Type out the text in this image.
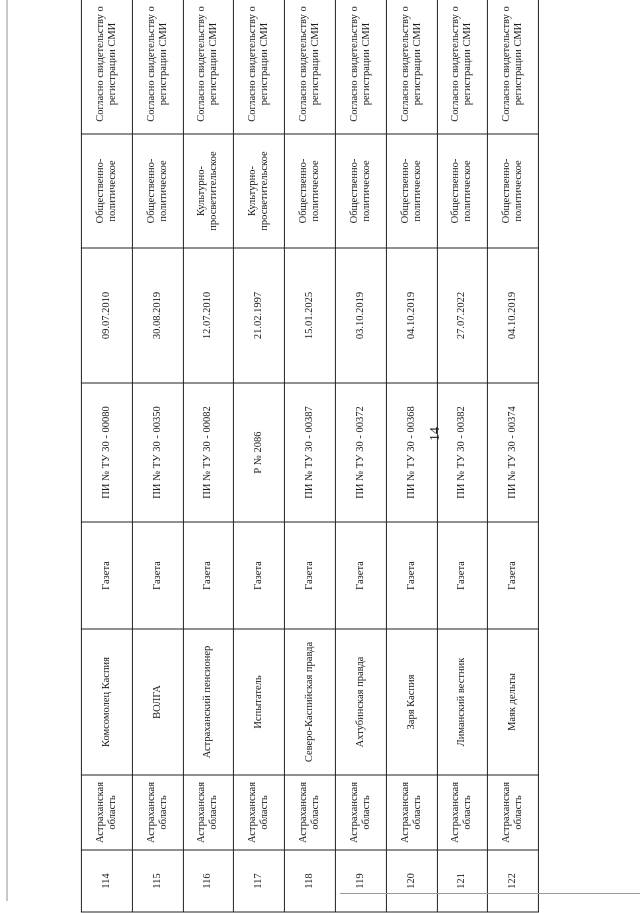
14
114	Астраханская область	Комсомолец Каспия	Газета	ПИ № ТУ 30 - 00080	09.07.2010	Общественно-политическое	Согласно свидетельству о регистрации СМИ
115	Астраханская область	ВОЛГА	Газета	ПИ № ТУ 30 - 00350	30.08.2019	Общественно-политическое	Согласно свидетельству о регистрации СМИ
116	Астраханская область	Астраханский пенсионер	Газета	ПИ № ТУ 30 - 00082	12.07.2010	Культурно-просветительское	Согласно свидетельству о регистрации СМИ
117	Астраханская область	Испытатель	Газета	Р № 2086	21.02.1997	Культурно-просветительское	Согласно свидетельству о регистрации СМИ
118	Астраханская область	Северо-Каспийская правда	Газета	ПИ № ТУ 30 - 00387	15.01.2025	Общественно-политическое	Согласно свидетельству о регистрации СМИ
119	Астраханская область	Ахтубинская правда	Газета	ПИ № ТУ 30 - 00372	03.10.2019	Общественно-политическое	Согласно свидетельству о регистрации СМИ
120	Астраханская область	Заря Каспия	Газета	ПИ № ТУ 30 - 00368	04.10.2019	Общественно-политическое	Согласно свидетельству о регистрации СМИ
121	Астраханская область	Лиманский вестник	Газета	ПИ № ТУ 30 - 00382	27.07.2022	Общественно-политическое	Согласно свидетельству о регистрации СМИ
122	Астраханская область	Маяк дельты	Газета	ПИ № ТУ 30 - 00374	04.10.2019	Общественно-политическое	Согласно свидетельству о регистрации СМИ
